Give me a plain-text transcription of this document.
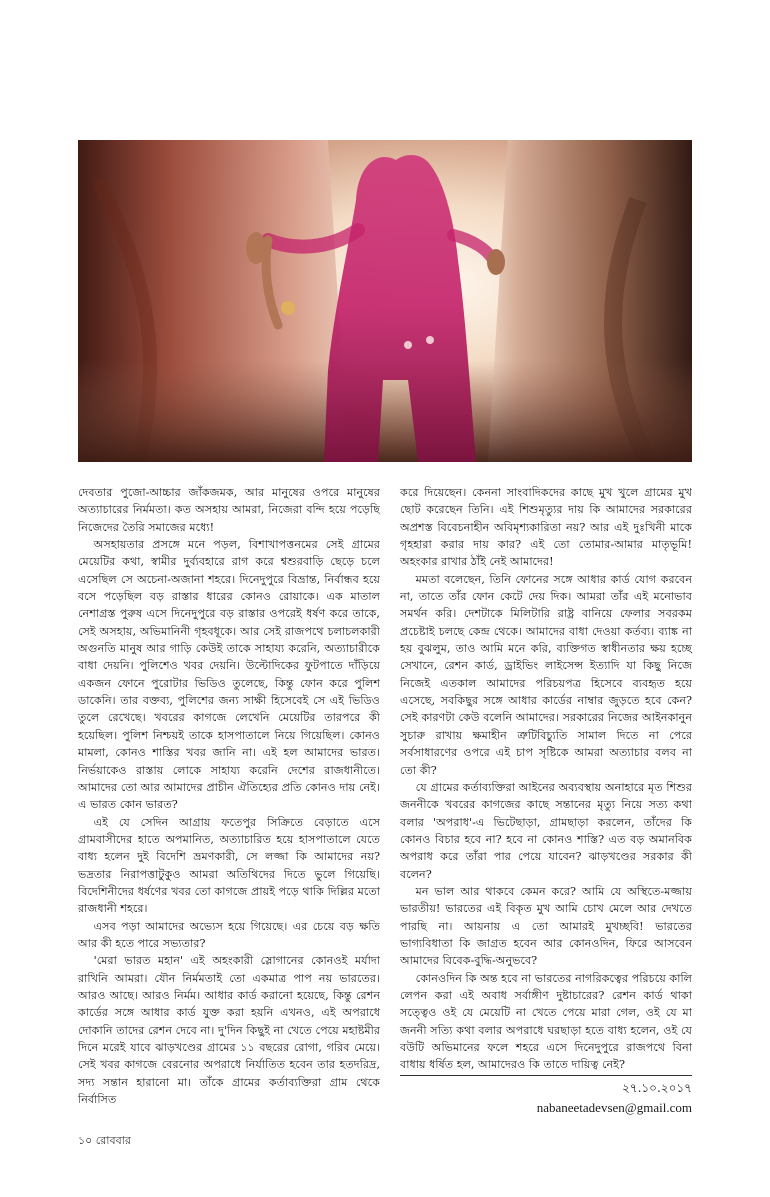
দেবতার পুজো-আচ্চার জাঁকজমক, আর মানুষের ওপরে মানুষের অত্যাচারের নির্মমতা। কত অসহায় আমরা, নিজেরা বন্দি হয়ে পড়েছি নিজেদের তৈরি সমাজের মধ্যে!

অসহায়তার প্রসঙ্গে মনে পড়ল, বিশাখাপত্তনমের সেই গ্রামের মেয়েটির কথা, স্বামীর দুর্ব্যবহারে রাগ করে শ্বশুরবাড়ি ছেড়ে চলে এসেছিল সে অচেনা-অজানা শহরে। দিনেদুপুরে বিভ্রান্ত, নির্বান্ধব হয়ে বসে পড়েছিল বড় রাস্তার ধারের কোনও রোয়াকে। এক মাতাল নেশাগ্রস্ত পুরুষ এসে দিনেদুপুরে বড় রাস্তার ওপরেই ধর্ষণ করে তাকে, সেই অসহায়, অভিমানিনী গৃহবধূকে। আর সেই রাজপথে চলাচলকারী অগুনতি মানুষ আর গাড়ি কেউই তাকে সাহায্য করেনি, অত্যাচারীকে বাধা দেয়নি। পুলিশেও খবর দেয়নি। উল্টোদিকের ফুটপাতে দাঁড়িয়ে একজন ফোনে পুরোটার ভিডিও তুলেছে, কিন্তু ফোন করে পুলিশ ডাকেনি। তার বক্তব্য, পুলিশের জন্য সাক্ষী হিসেবেই সে এই ভিডিও তুলে রেখেছে। খবরের কাগজে লেখেনি মেয়েটির তারপরে কী হয়েছিল। পুলিশ নিশ্চয়ই তাকে হাসপাতালে নিয়ে গিয়েছিল। কোনও মামলা, কোনও শাস্তির খবর জানি না। এই হল আমাদের ভারত। নির্ভয়াকেও রাস্তায় লোকে সাহায্য করেনি দেশের রাজধানীতে। আমাদের তো আর আমাদের প্রাচীন ঐতিহ্যের প্রতি কোনও দায় নেই। এ ভারত কোন ভারত?

এই যে সেদিন আগ্রায় ফতেপুর সিক্রিতে বেড়াতে এসে গ্রামবাসীদের হাতে অপমানিত, অত্যাচারিত হয়ে হাসপাতালে যেতে বাধ্য হলেন দুই বিদেশি ভ্রমণকারী, সে লজ্জা কি আমাদের নয়? ভদ্রতার নিরাপত্তাটুকুও আমরা অতিথিদের দিতে ভুলে গিয়েছি। বিদেশিনীদের ধর্ষণের খবর তো কাগজে প্রায়ই পড়ে থাকি দিল্লির মতো রাজধানী শহরে।

এসব পড়া আমাদের অভ্যেস হয়ে গিয়েছে। এর চেয়ে বড় ক্ষতি আর কী হতে পারে সভ্যতার?

'মেরা ভারত মহান' এই অহংকারী স্লোগানের কোনওই মর্যাদা রাখিনি আমরা। যৌন নির্মমতাই তো একমাত্র পাপ নয় ভারতের। আরও আছে। আরও নির্মম। আধার কার্ড করানো হয়েছে, কিন্তু রেশন কার্ডের সঙ্গে আধার কার্ড যুক্ত করা হয়নি এখনও, এই অপরাধে দোকানি তাদের রেশন দেবে না। দু'দিন কিছুই না খেতে পেয়ে মহাষ্টমীর দিনে মরেই যাবে ঝাড়খণ্ডের গ্রামের ১১ বছরের রোগা, গরিব মেয়ে। সেই খবর কাগজে বেরনোর অপরাধে নির্যাতিত হবেন তার হতদরিদ্র, সদ্য সন্তান হারানো মা। তাঁকে গ্রামের কর্তাব্যক্তিরা গ্রাম থেকে নির্বাসিত

করে দিয়েছেন। কেননা সাংবাদিকদের কাছে মুখ খুলে গ্রামের মুখ ছোট করেছেন তিনি। এই শিশুমৃত্যুর দায় কি আমাদের সরকারের অপ্রশস্ত বিবেচনাহীন অবিমৃশ্যকারিতা নয়? আর এই দুঃখিনী মাকে গৃহহারা করার দায় কার? এই তো তোমার-আমার মাতৃভূমি! অহংকার রাখার ঠাঁই নেই আমাদের!

মমতা বলেছেন, তিনি ফোনের সঙ্গে আধার কার্ড যোগ করবেন না, তাতে তাঁর ফোন কেটে দেয় দিক। আমরা তাঁর এই মনোভাব সমর্থন করি। দেশটাকে মিলিটারি রাষ্ট্র বানিয়ে ফেলার সবরকম প্রচেষ্টাই চলছে কেন্দ্র থেকে। আমাদের বাধা দেওয়া কর্তব্য। ব্যাঙ্ক না হয় বুঝলুম, তাও আমি মনে করি, ব্যক্তিগত স্বাধীনতার ক্ষয় হচ্ছে সেখানে, রেশন কার্ড, ড্রাইভিং লাইসেন্স ইত্যাদি যা কিছু নিজে নিজেই এতকাল আমাদের পরিচয়পত্র হিসেবে ব্যবহৃত হয়ে এসেছে, সবকিছুর সঙ্গে আধার কার্ডের নাম্বার জুড়তে হবে কেন? সেই কারণটা কেউ বলেনি আমাদের। সরকারের নিজের আইনকানুন সুচারু রাখায় ক্ষমাহীন ত্রুটিবিচ্যুতি সামাল দিতে না পেরে সর্বসাধারণের ওপরে এই চাপ সৃষ্টিকে আমরা অত্যাচার বলব না তো কী?

যে গ্রামের কর্তাব্যক্তিরা আইনের অব্যবস্থায় অনাহারে মৃত শিশুর জননীকে খবরের কাগজের কাছে সন্তানের মৃত্যু নিয়ে সত্য কথা বলার 'অপরাধ'-এ ভিটেছাড়া, গ্রামছাড়া করলেন, তাঁদের কি কোনও বিচার হবে না? হবে না কোনও শাস্তি? এত বড় অমানবিক অপরাধ করে তাঁরা পার পেয়ে যাবেন? ঝাড়খণ্ডের সরকার কী বলেন?

মন ভাল আর থাকবে কেমন করে? আমি যে অস্থিতে-মজ্জায় ভারতীয়! ভারতের এই বিকৃত মুখ আমি চোখ মেলে আর দেখতে পারছি না। আয়নায় এ তো আমারই মুখচ্ছবি! ভারতের ভাগ্যবিধাতা কি জাগ্রত হবেন আর কোনওদিন, ফিরে আসবেন আমাদের বিবেক-বুদ্ধি-অনুভবে?

কোনওদিন কি অন্ত হবে না ভারতের নাগরিকত্বের পরিচয়ে কালি লেপন করা এই অবাধ সর্বাঙ্গীণ দুষ্টাচারের? রেশন কার্ড থাকা সত্ত্বেও ওই যে মেয়েটি না খেতে পেয়ে মারা গেল, ওই যে মা জননী সত্যি কথা বলার অপরাধে ঘরছাড়া হতে বাধ্য হলেন, ওই যে বউটি অভিমানের ফলে শহরে এসে দিনেদুপুরে রাজপথে বিনা বাধায় ধর্ষিত হল, আমাদেরও কি তাতে দায়িত্ব নেই?

২৭.১০.২০১৭
nabaneetadevsen@gmail.com
১০ রোববার
